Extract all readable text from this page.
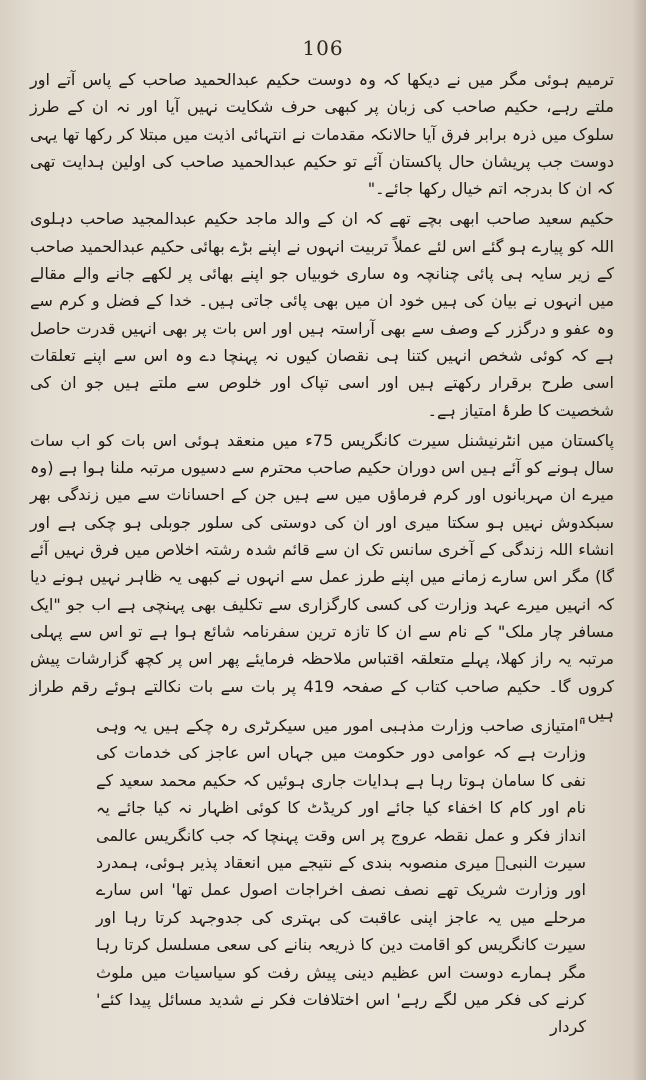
106

ترمیم ہوئی مگر میں نے دیکھا کہ وہ دوست حکیم عبدالحمید صاحب کے پاس آتے اور ملتے رہے، حکیم صاحب کی زبان پر کبھی حرف شکایت نہیں آیا اور نہ ان کے طرز سلوک میں ذرہ برابر فرق آیا حالانکہ مقدمات نے انتہائی اذیت میں مبتلا کر رکھا تھا یہی دوست جب پریشان حال پاکستان آئے تو حکیم عبدالحمید صاحب کی اولین ہدایت تھی کہ ان کا بدرجہ اتم خیال رکھا جائے۔"

حکیم سعید صاحب ابھی بچے تھے کہ ان کے والد ماجد حکیم عبدالمجید صاحب دہلوی اللہ کو پیارے ہو گئے اس لئے عملاً تربیت انہوں نے اپنے بڑے بھائی حکیم عبدالحمید صاحب کے زیر سایہ ہی پائی چنانچہ وہ ساری خوبیاں جو اپنے بھائی پر لکھے جانے والے مقالے میں انہوں نے بیان کی ہیں خود ان میں بھی پائی جاتی ہیں۔ خدا کے فضل و کرم سے وہ عفو و درگزر کے وصف سے بھی آراستہ ہیں اور اس بات پر بھی انہیں قدرت حاصل ہے کہ کوئی شخص انہیں کتنا ہی نقصان کیوں نہ پہنچا دے وہ اس سے اپنے تعلقات اسی طرح برقرار رکھتے ہیں اور اسی تپاک اور خلوص سے ملتے ہیں جو ان کی شخصیت کا طرۂ امتیاز ہے۔

پاکستان میں انٹرنیشنل سیرت کانگریس 75ء میں منعقد ہوئی اس بات کو اب سات سال ہونے کو آئے ہیں اس دوران حکیم صاحب محترم سے دسیوں مرتبہ ملنا ہوا ہے (وہ میرے ان مہربانوں اور کرم فرماؤں میں سے ہیں جن کے احسانات سے میں زندگی بھر سبکدوش نہیں ہو سکتا میری اور ان کی دوستی کی سلور جوبلی ہو چکی ہے اور انشاء اللہ زندگی کے آخری سانس تک ان سے قائم شدہ رشتہ اخلاص میں فرق نہیں آئے گا) مگر اس سارے زمانے میں اپنے طرز عمل سے انہوں نے کبھی یہ ظاہر نہیں ہونے دیا کہ انہیں میرے عہد وزارت کی کسی کارگزاری سے تکلیف بھی پہنچی ہے اب جو "ایک مسافر چار ملک" کے نام سے ان کا تازہ ترین سفرنامہ شائع ہوا ہے تو اس سے پہلی مرتبہ یہ راز کھلا، پہلے متعلقہ اقتباس ملاحظہ فرمایئے پھر اس پر کچھ گزارشات پیش کروں گا۔ حکیم صاحب کتاب کے صفحہ 419 پر بات سے بات نکالتے ہوئے رقم طراز ہیں۔

"امتیازی صاحب وزارت مذہبی امور میں سیکرٹری رہ چکے ہیں یہ وہی وزارت ہے کہ عوامی دور حکومت میں جہاں اس عاجز کی خدمات کی نفی کا سامان ہوتا رہا ہے ہدایات جاری ہوئیں کہ حکیم محمد سعید کے نام اور کام کا اخفاء کیا جائے اور کریڈٹ کا کوئی اظہار نہ کیا جائے یہ انداز فکر و عمل نقطہ عروج پر اس وقت پہنچا کہ جب کانگریس عالمی سیرت النبیؐ میری منصوبہ بندی کے نتیجے میں انعقاد پذیر ہوئی، ہمدرد اور وزارت شریک تھے نصف نصف اخراجات اصول عمل تھا' اس سارے مرحلے میں یہ عاجز اپنی عاقبت کی بہتری کی جدوجہد کرتا رہا اور سیرت کانگریس کو اقامت دین کا ذریعہ بنانے کی سعی مسلسل کرتا رہا مگر ہمارے دوست اس عظیم دینی پیش رفت کو سیاسیات میں ملوث کرنے کی فکر میں لگے رہے' اس اختلافات فکر نے شدید مسائل پیدا کئے' کردار
